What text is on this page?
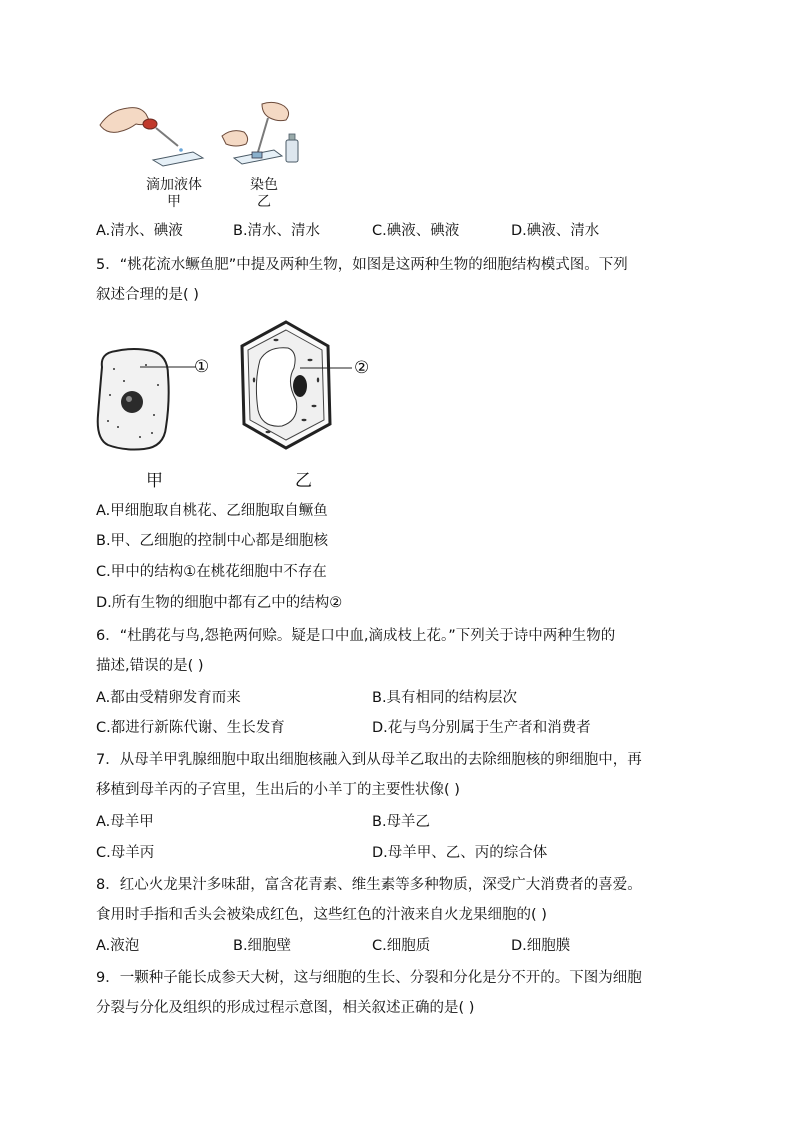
滴加液体
甲
染色
乙
A.清水、碘液	B.清水、清水	C.碘液、碘液	D.碘液、清水
5．“桃花流水鳜鱼肥”中提及两种生物，如图是这两种生物的细胞结构模式图。下列
叙述合理的是( )
①	②
甲	乙
A.甲细胞取自桃花、乙细胞取自鳜鱼
B.甲、乙细胞的控制中心都是细胞核
C.甲中的结构①在桃花细胞中不存在
D.所有生物的细胞中都有乙中的结构②
6．“杜鹃花与鸟,怨艳两何赊。疑是口中血,滴成枝上花。”下列关于诗中两种生物的
描述,错误的是( )
A.都由受精卵发育而来	B.具有相同的结构层次
C.都进行新陈代谢、生长发育	D.花与鸟分别属于生产者和消费者
7．从母羊甲乳腺细胞中取出细胞核融入到从母羊乙取出的去除细胞核的卵细胞中，再
移植到母羊丙的子宫里，生出后的小羊丁的主要性状像( )
A.母羊甲	B.母羊乙
C.母羊丙	D.母羊甲、乙、丙的综合体
8．红心火龙果汁多味甜，富含花青素、维生素等多种物质，深受广大消费者的喜爱。
食用时手指和舌头会被染成红色，这些红色的汁液来自火龙果细胞的( )
A.液泡	B.细胞壁	C.细胞质	D.细胞膜
9．一颗种子能长成参天大树，这与细胞的生长、分裂和分化是分不开的。下图为细胞
分裂与分化及组织的形成过程示意图，相关叙述正确的是( )
